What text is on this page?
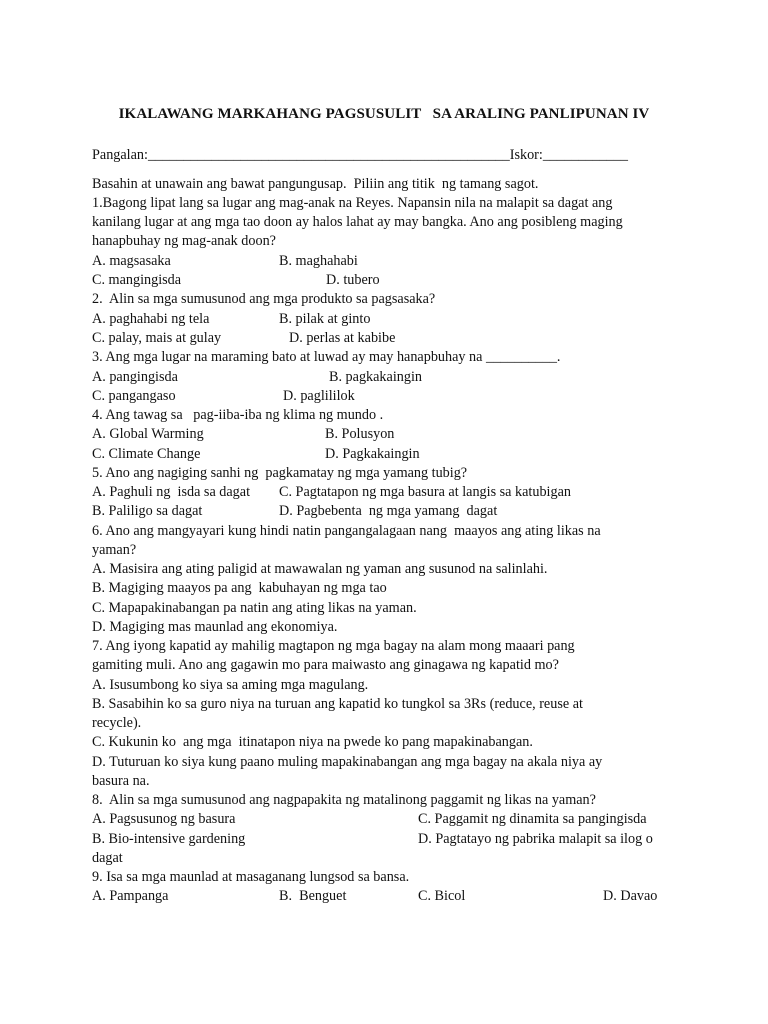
IKALAWANG MARKAHANG PAGSUSULIT   SA ARALING PANLIPUNAN IV
Pangalan:___________________________________________________Iskor:____________
Basahin at unawain ang bawat pangungusap.  Piliin ang titik  ng tamang sagot.
1.Bagong lipat lang sa lugar ang mag-anak na Reyes. Napansin nila na malapit sa dagat ang
kanilang lugar at ang mga tao doon ay halos lahat ay may bangka. Ano ang posibleng maging
hanapbuhay ng mag-anak doon?
A. magsasaka	B. maghahabi
C. mangingisda	D. tubero
2.  Alin sa mga sumusunod ang mga produkto sa pagsasaka?
A. paghahabi ng tela	B. pilak at ginto
C. palay, mais at gulay	D. perlas at kabibe
3. Ang mga lugar na maraming bato at luwad ay may hanapbuhay na __________.
A. pangingisda	B. pagkakaingin
C. pangangaso	D. paglililok
4. Ang tawag sa   pag-iiba-iba ng klima ng mundo .
A. Global Warming	B. Polusyon
C. Climate Change	D. Pagkakaingin
5. Ano ang nagiging sanhi ng  pagkamatay ng mga yamang tubig?
A. Paghuli ng  isda sa dagat C. Pagtatapon ng mga basura at langis sa katubigan
B. Paliligo sa dagat	D. Pagbebenta  ng mga yamang  dagat
6. Ano ang mangyayari kung hindi natin pangangalagaan nang  maayos ang ating likas na
yaman?
A. Masisira ang ating paligid at mawawalan ng yaman ang susunod na salinlahi.
B. Magiging maayos pa ang  kabuhayan ng mga tao
C. Mapapakinabangan pa natin ang ating likas na yaman.
D. Magiging mas maunlad ang ekonomiya.
7. Ang iyong kapatid ay mahilig magtapon ng mga bagay na alam mong maaari pang
gamiting muli. Ano ang gagawin mo para maiwasto ang ginagawa ng kapatid mo?
A. Isusumbong ko siya sa aming mga magulang.
B. Sasabihin ko sa guro niya na turuan ang kapatid ko tungkol sa 3Rs (reduce, reuse at
recycle).
C. Kukunin ko  ang mga  itinatapon niya na pwede ko pang mapakinabangan.
D. Tuturuan ko siya kung paano muling mapakinabangan ang mga bagay na akala niya ay
basura na.
8.  Alin sa mga sumusunod ang nagpapakita ng matalinong paggamit ng likas na yaman?
A. Pagsusunog ng basura	C. Paggamit ng dinamita sa pangingisda
B. Bio-intensive gardening	D. Pagtatayo ng pabrika malapit sa ilog o
dagat
9. Isa sa mga maunlad at masaganang lungsod sa bansa.
A. Pampanga	B.  Benguet	C. Bicol	D. Davao
